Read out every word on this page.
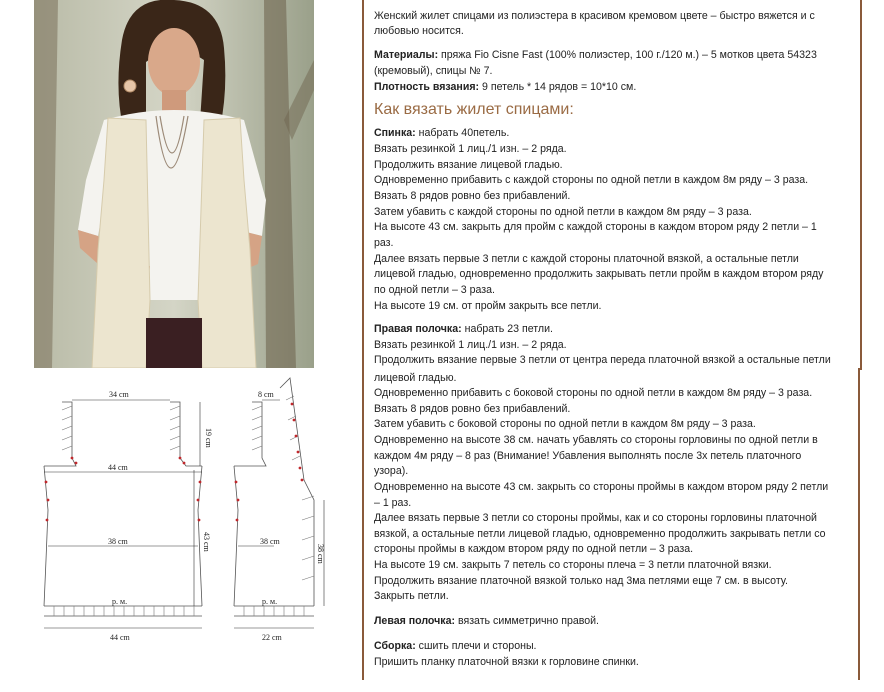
34 cm	8 cm
19 cm
44 cm
43 cm
38 cm	38 cm
38 cm
р. м.	р. м.
44 cm	22 cm
Женский жилет спицами из полиэстера в красивом кремовом цвете – быстро вяжется и с
любовью носится.
Материалы: пряжа Fio Cisne Fast (100% полиэстер, 100 г./120 м.) – 5 мотков цвета 54323
(кремовый), спицы № 7.
Плотность вязания: 9 петель * 14 рядов = 10*10 см.
Как вязать жилет спицами:
Спинка: набрать 40петель.
Вязать резинкой 1 лиц./1 изн. – 2 ряда.
Продолжить вязание лицевой гладью.
Одновременно прибавить с каждой стороны по одной петли в каждом 8м ряду – 3 раза.
Вязать 8 рядов ровно без прибавлений.
Затем убавить с каждой стороны по одной петли в каждом 8м ряду – 3 раза.
На высоте 43 см. закрыть для пройм с каждой стороны в каждом втором ряду 2 петли – 1
раз.
Далее вязать первые 3 петли с каждой стороны платочной вязкой, а остальные петли
лицевой гладью, одновременно продолжить закрывать петли пройм в каждом втором ряду
по одной петли – 3 раза.
На высоте 19 см. от пройм закрыть все петли.
Правая полочка: набрать 23 петли.
Вязать резинкой 1 лиц./1 изн. – 2 ряда.
Продолжить вязание первые 3 петли от центра переда платочной вязкой а остальные петли
лицевой гладью.
Одновременно прибавить с боковой стороны по одной петли в каждом 8м ряду – 3 раза.
Вязать 8 рядов ровно без прибавлений.
Затем убавить с боковой стороны по одной петли в каждом 8м ряду – 3 раза.
Одновременно на высоте 38 см. начать убавлять со стороны горловины по одной петли в
каждом 4м ряду – 8 раз (Внимание! Убавления выполнять после 3х петель платочного
узора).
Одновременно на высоте 43 см. закрыть со стороны проймы в каждом втором ряду 2 петли
– 1 раз.
Далее вязать первые 3 петли со стороны проймы, как и со стороны горловины платочной
вязкой, а остальные петли лицевой гладью, одновременно продолжить закрывать петли со
стороны проймы в каждом втором ряду по одной петли – 3 раза.
На высоте 19 см. закрыть 7 петель со стороны плеча = 3 петли платочной вязки.
Продолжить вязание платочной вязкой только над 3ма петлями еще 7 см. в высоту.
Закрыть петли.
Левая полочка: вязать симметрично правой.
Сборка: сшить плечи и стороны.
Пришить планку платочной вязки к горловине спинки.
